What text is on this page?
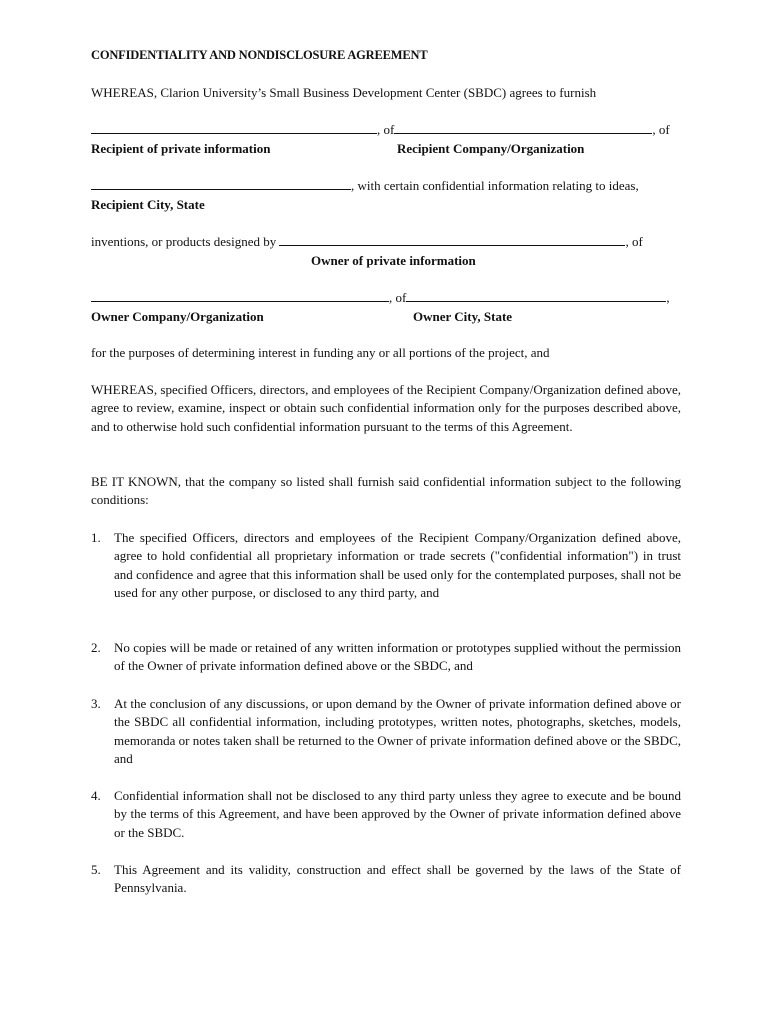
CONFIDENTIALITY AND NONDISCLOSURE AGREEMENT
WHEREAS, Clarion University’s Small Business Development Center (SBDC) agrees to furnish
, of	, of
Recipient of private information	Recipient Company/Organization
, with certain confidential information relating to ideas,
Recipient City, State
inventions, or products designed by	, of
Owner of private information
, of	,
Owner Company/Organization	Owner City, State
for the purposes of determining interest in funding any or all portions of the project, and
WHEREAS, specified Officers, directors, and employees of the Recipient Company/Organization defined above, agree to review, examine, inspect or obtain such confidential information only for the purposes described above, and to otherwise hold such confidential information pursuant to the terms of this Agreement.
BE IT KNOWN, that the company so listed shall furnish said confidential information subject to the following conditions:
1. The specified Officers, directors and employees of the Recipient Company/Organization defined above, agree to hold confidential all proprietary information or trade secrets ("confidential information") in trust and confidence and agree that this information shall be used only for the contemplated purposes, shall not be used for any other purpose, or disclosed to any third party, and
2. No copies will be made or retained of any written information or prototypes supplied without the permission of the Owner of private information defined above or the SBDC, and
3. At the conclusion of any discussions, or upon demand by the Owner of private information defined above or the SBDC all confidential information, including prototypes, written notes, photographs, sketches, models, memoranda or notes taken shall be returned to the Owner of private information defined above or the SBDC, and
4. Confidential information shall not be disclosed to any third party unless they agree to execute and be bound by the terms of this Agreement, and have been approved by the Owner of private information defined above or the SBDC.
5. This Agreement and its validity, construction and effect shall be governed by the laws of the State of Pennsylvania.
